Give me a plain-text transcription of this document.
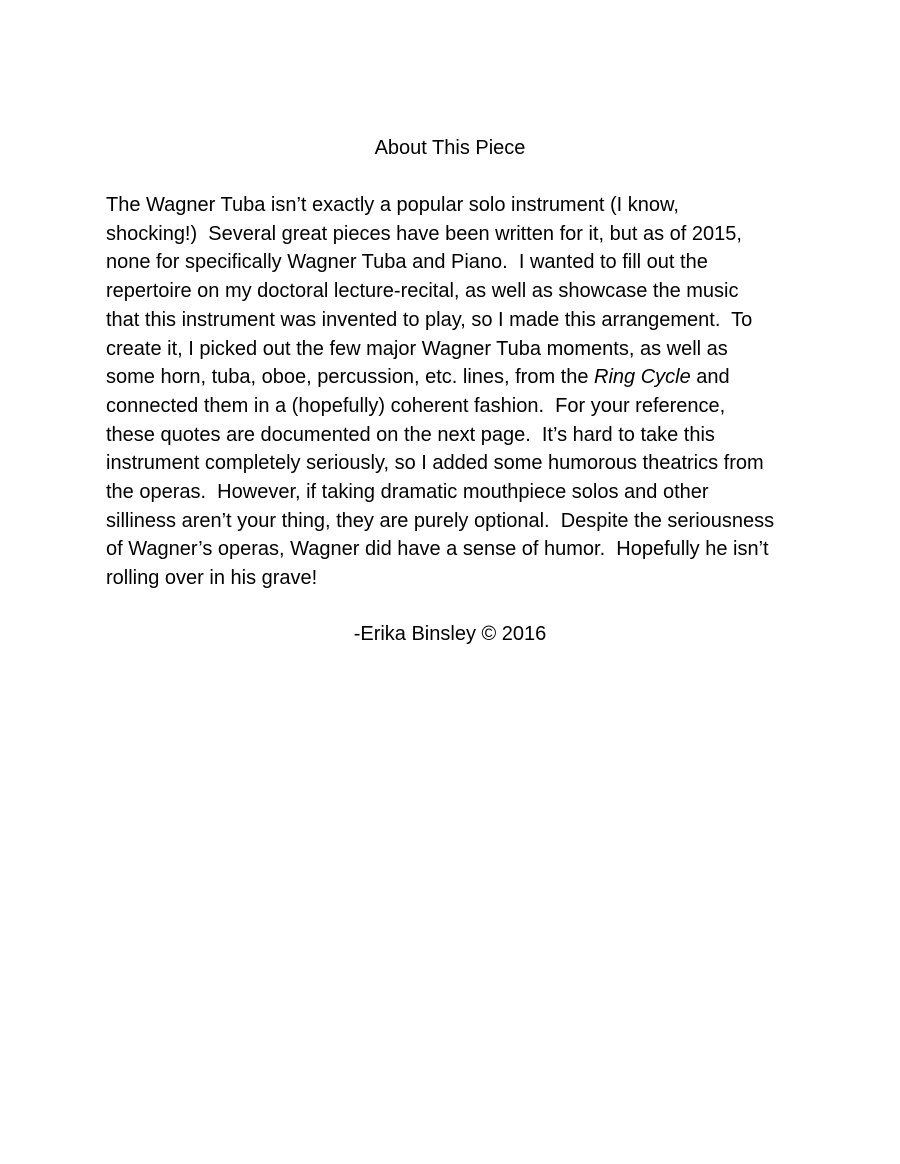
About This Piece
The Wagner Tuba isn’t exactly a popular solo instrument (I know,
shocking!)  Several great pieces have been written for it, but as of 2015,
none for specifically Wagner Tuba and Piano.  I wanted to fill out the
repertoire on my doctoral lecture-recital, as well as showcase the music
that this instrument was invented to play, so I made this arrangement.  To
create it, I picked out the few major Wagner Tuba moments, as well as
some horn, tuba, oboe, percussion, etc. lines, from the Ring Cycle and
connected them in a (hopefully) coherent fashion.  For your reference,
these quotes are documented on the next page.  It’s hard to take this
instrument completely seriously, so I added some humorous theatrics from
the operas.  However, if taking dramatic mouthpiece solos and other
silliness aren’t your thing, they are purely optional.  Despite the seriousness
of Wagner’s operas, Wagner did have a sense of humor.  Hopefully he isn’t
rolling over in his grave!
-Erika Binsley © 2016
